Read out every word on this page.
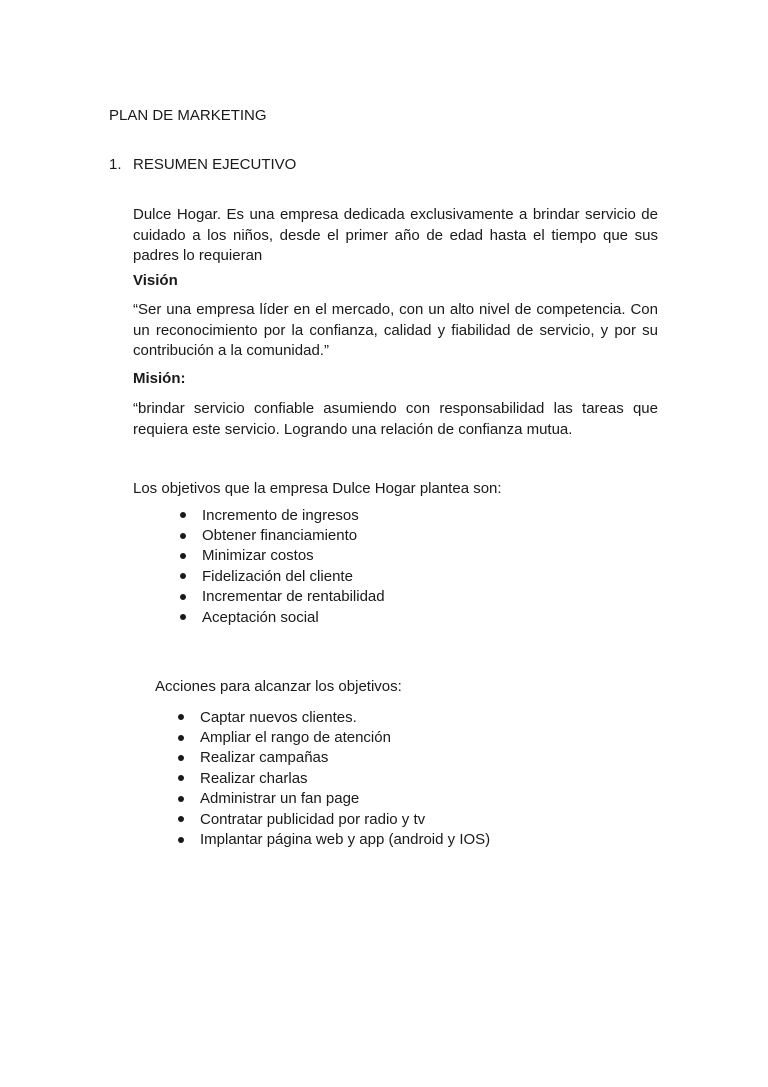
PLAN DE MARKETING
1. RESUMEN EJECUTIVO

Dulce Hogar. Es una empresa dedicada exclusivamente a brindar servicio de cuidado a los niños, desde el primer año de edad hasta el tiempo que sus padres lo requieran

Visión

“Ser una empresa líder en el mercado, con un alto nivel de competencia. Con un reconocimiento por la confianza, calidad y fiabilidad de servicio, y por su contribución a la comunidad.”

Misión:

“brindar servicio confiable asumiendo con responsabilidad las tareas que requiera este servicio. Logrando una relación de confianza mutua.

Los objetivos que la empresa Dulce Hogar plantea son:
Incremento de ingresos
Obtener financiamiento
Minimizar costos
Fidelización del cliente
Incrementar de rentabilidad
Aceptación social
Acciones para alcanzar los objetivos:
Captar nuevos clientes.
Ampliar el rango de atención
Realizar campañas
Realizar charlas
Administrar un fan page
Contratar publicidad por radio y tv
Implantar página web y app (android y IOS)
